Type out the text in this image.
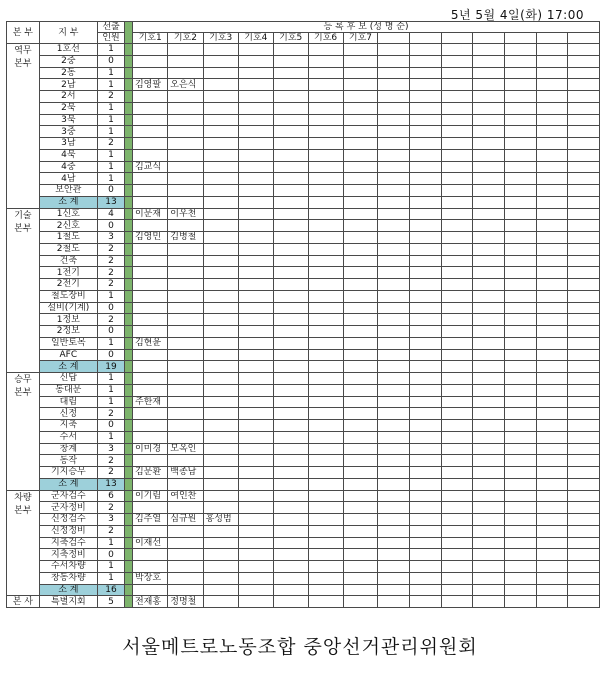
5년 5월 4일(화) 17:00
본 부	지 부	선출		등 록 후 보 (성 명 순)													
		인원		기호1	기호2	기호3	기호4	기호5	기호6	기호7							

역무
본부	1호선	1															
	2중	0															
	2동	1															
	2남	1		김영팔	오은식												
	2서	2															
	2북	1															
	3북	1															
	3중	1															
	3남	2															
	4북	1															
	4중	1		김교식													
	4남	1															
	보안관	0															
	소 계	13															

기술
본부	1신호	4		이문재	이우천												
	2신호	0															
	1철도	3		김영민	김병철												
	2철도	2															
	건축	2															
	1전기	2															
	2전기	2															
	철도장비	1															
	설비(기계)	0															
	1정보	2															
	2정보	0															
	일반토목	1		김현윤													
	AFC	0															
	소 계	19															

승무
본부	신답	1															
	동대문	1															
	대림	1		주한재													
	신정	2															
	지축	0															
	수서	1															
	창계	3		이미경	모옥인												
	동작	2															
	기지승무	2		김문환	백종남												
	소 계	13															

차량
본부	군자검수	6		이기림	여인찬												
	군자정비	2															
	신정검수	3		김주열	심규원	홍성범											
	신정정비	2															
	지축검수	1		이재선													
	지축정비	0															
	수서차량	1															
	창동차량	1		박장호													
	소 계	16															
본 사	특별지회	5		전재홍	정명철												
서울메트로노동조합 중앙선거관리위원회
